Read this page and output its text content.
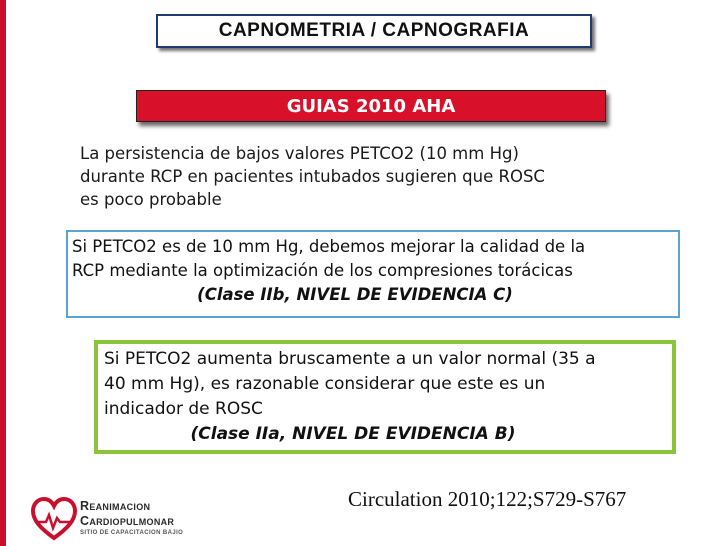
CAPNOMETRIA / CAPNOGRAFIA
GUIAS 2010 AHA
La persistencia de bajos valores PETCO2 (10 mm Hg)
durante RCP en pacientes intubados sugieren que ROSC
es poco probable
Si PETCO2 es de 10 mm Hg, debemos mejorar la calidad de la
RCP mediante la optimización de los compresiones torácicas
(Clase IIb, NIVEL DE EVIDENCIA C)
Si PETCO2 aumenta bruscamente a un valor normal (35 a
40 mm Hg), es razonable considerar que este es un
indicador de ROSC
(Clase IIa, NIVEL DE EVIDENCIA B)
Circulation 2010;122;S729-S767
Reanimacion
Cardiopulmonar
SITIO DE CAPACITACION BAJIO
